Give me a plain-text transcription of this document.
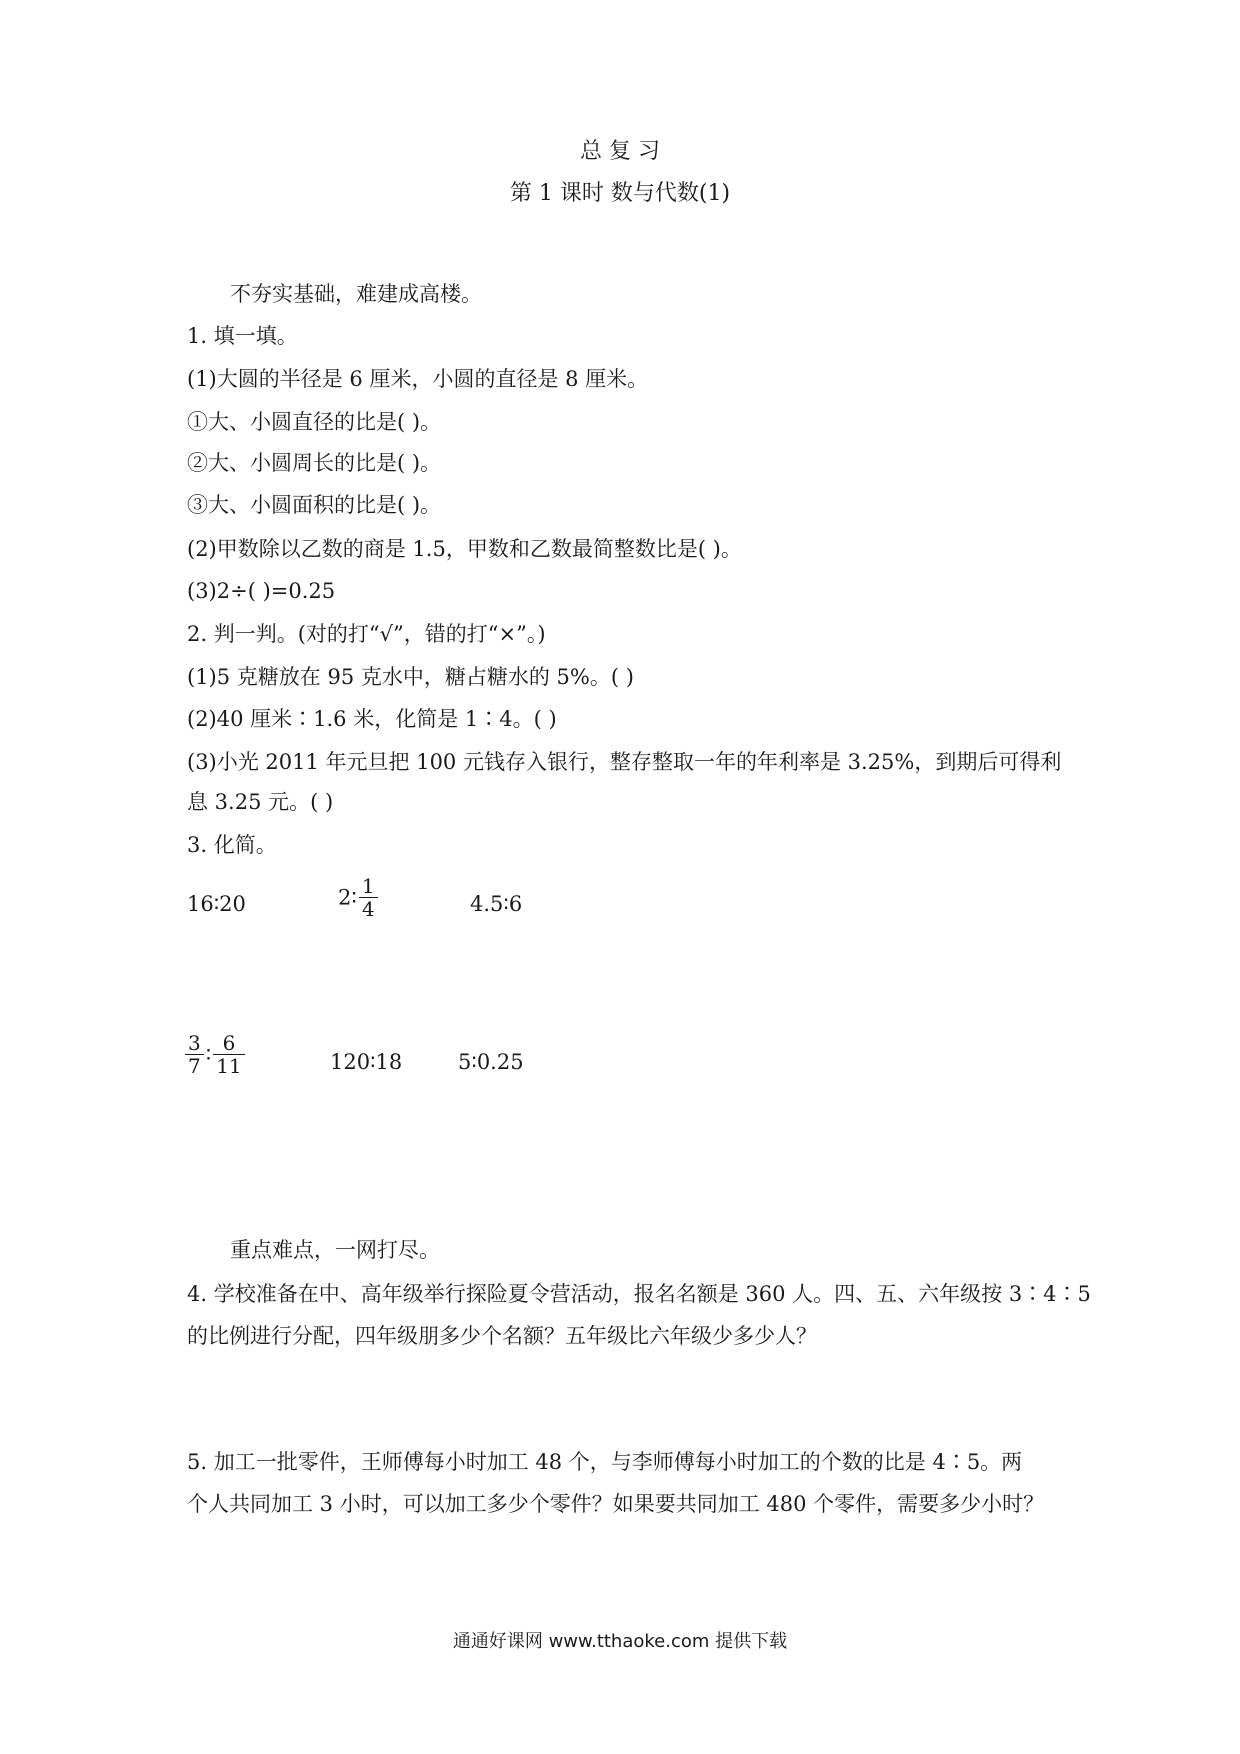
总 复 习
第 1 课时 数与代数(1)
不夯实基础，难建成高楼。
1. 填一填。
(1)大圆的半径是 6 厘米，小圆的直径是 8 厘米。
①大、小圆直径的比是( )。
②大、小圆周长的比是( )。
③大、小圆面积的比是( )。
(2)甲数除以乙数的商是 1.5，甲数和乙数最简整数比是( )。
(3)2÷( )=0.25
2. 判一判。(对的打“√”，错的打“×”。)
(1)5 克糖放在 95 克水中，糖占糖水的 5%。( )
(2)40 厘米∶1.6 米，化简是 1∶4。( )
(3)小光 2011 年元旦把 100 元钱存入银行，整存整取一年的年利率是 3.25%，到期后可得利
息 3.25 元。( )
3. 化简。
16∶20	2∶ $\frac{1}{4}$	4.5∶6
$\frac{3}{7}$ ∶ $\frac{6}{11}$	120∶18	5∶0.25
重点难点，一网打尽。
4. 学校准备在中、高年级举行探险夏令营活动，报名名额是 360 人。四、五、六年级按 3∶4∶5
的比例进行分配，四年级朋多少个名额？五年级比六年级少多少人？
5. 加工一批零件，王师傅每小时加工 48 个，与李师傅每小时加工的个数的比是 4∶5。两
个人共同加工 3 小时，可以加工多少个零件？如果要共同加工 480 个零件，需要多少小时？
通通好课网 www.tthaoke.com 提供下载
